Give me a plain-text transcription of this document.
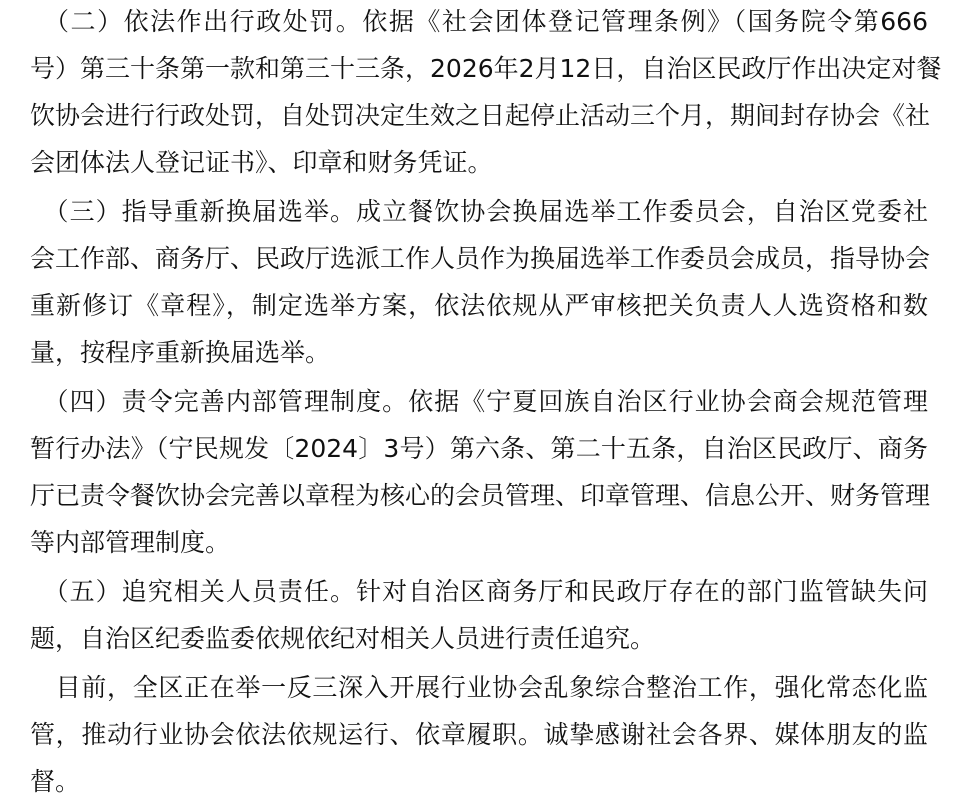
　（二）依法作出行政处罚。依据《社会团体登记管理条例》（国务院令第666
号）第三十条第一款和第三十三条，2026年2月12日，自治区民政厅作出决定对餐
饮协会进行行政处罚，自处罚决定生效之日起停止活动三个月，期间封存协会《社
会团体法人登记证书》、印章和财务凭证。
　（三）指导重新换届选举。成立餐饮协会换届选举工作委员会，自治区党委社
会工作部、商务厅、民政厅选派工作人员作为换届选举工作委员会成员，指导协会
重新修订《章程》，制定选举方案，依法依规从严审核把关负责人人选资格和数
量，按程序重新换届选举。
　（四）责令完善内部管理制度。依据《宁夏回族自治区行业协会商会规范管理
暂行办法》（宁民规发〔2024〕3号）第六条、第二十五条，自治区民政厅、商务
厅已责令餐饮协会完善以章程为核心的会员管理、印章管理、信息公开、财务管理
等内部管理制度。
　（五）追究相关人员责任。针对自治区商务厅和民政厅存在的部门监管缺失问
题，自治区纪委监委依规依纪对相关人员进行责任追究。
　目前，全区正在举一反三深入开展行业协会乱象综合整治工作，强化常态化监
管，推动行业协会依法依规运行、依章履职。诚挚感谢社会各界、媒体朋友的监
督。
